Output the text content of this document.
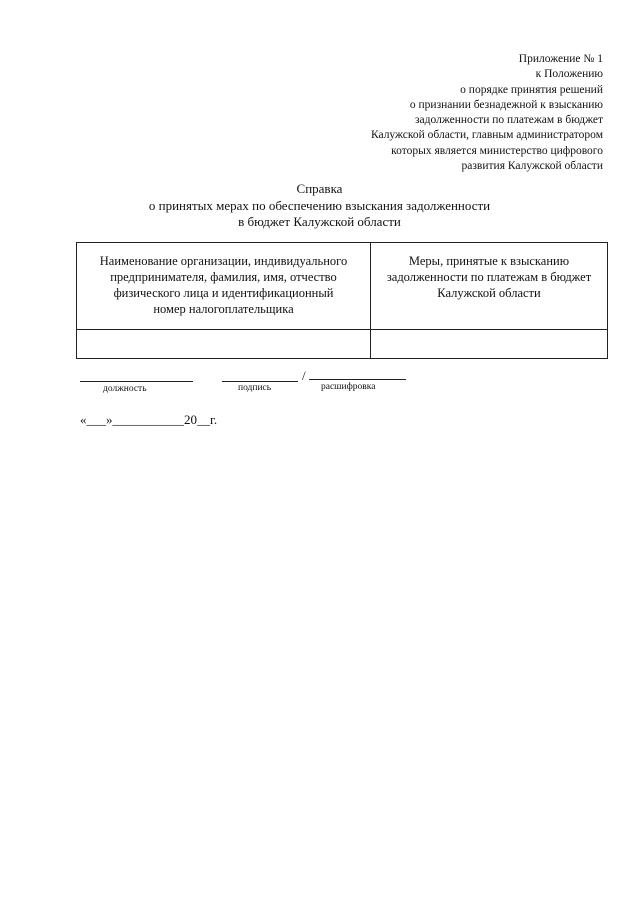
Приложение № 1
к Положению
о порядке принятия решений
о признании безнадежной к взысканию
задолженности по платежам в бюджет
Калужской области, главным администратором
которых является министерство цифрового
развития Калужской области
Справка
о принятых мерах по обеспечению взыскания задолженности
в бюджет Калужской области
Наименование организации, индивидуального
предпринимателя, фамилия, имя, отчество
физического лица и идентификационный
номер налогоплательщика	Меры, принятые к взысканию
задолженности по платежам в бюджет
Калужской области

должность	подпись
/
расшифровка
«___»___________20__г.
